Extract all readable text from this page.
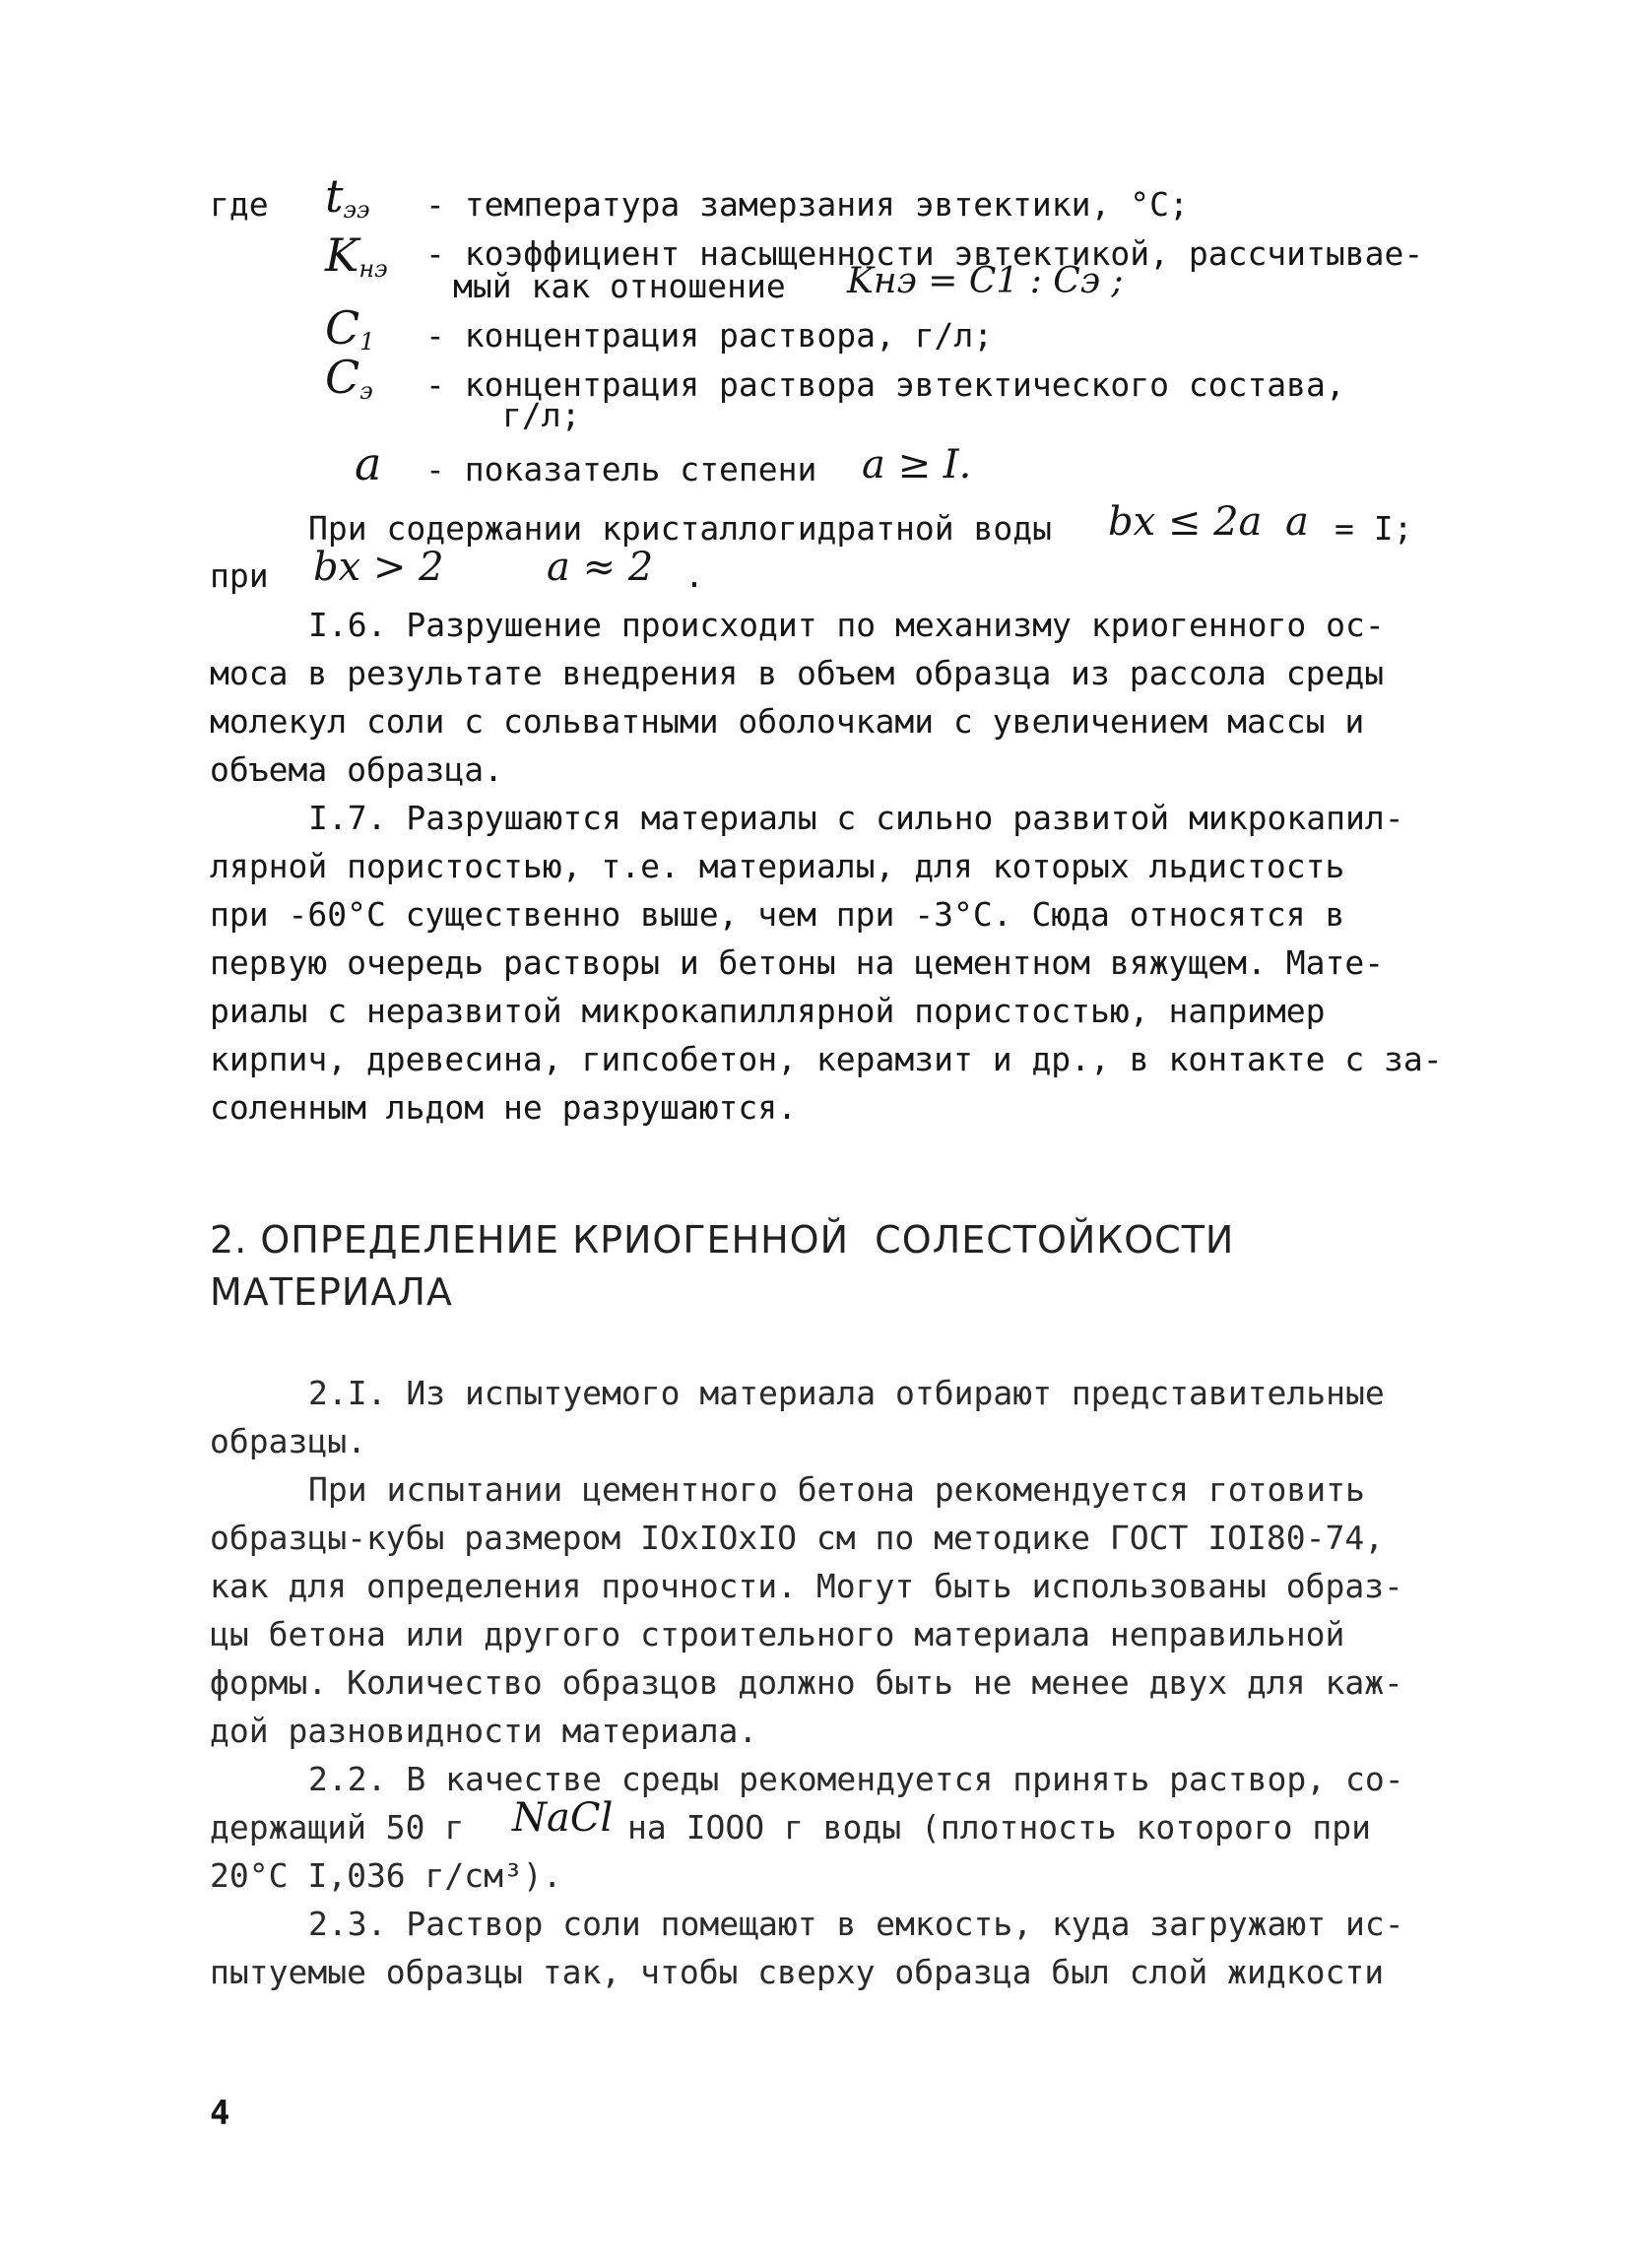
где $t_{ээ}$ - температура замерзания эвтектики, °С;
$K_{нэ}$ - коэффициент насыщенности эвтектикой, рассчитывае-
мый как отношение Kнэ = C1 : Cэ ;
$C_1$ - концентрация раствора, г/л;
$C_э$ - концентрация раствора эвтектического состава,
г/л;
a - показатель степени a ≥ I.
При содержании кристаллогидратной воды bx ≤ 2a a = I;
при bx > 2	a ≈ 2 .
I.6. Разрушение происходит по механизму криогенного ос-
моса в результате внедрения в объем образца из рассола среды
молекул соли с сольватными оболочками с увеличением массы и
объема образца.
I.7. Разрушаются материалы с сильно развитой микрокапил-
лярной пористостью, т.е. материалы, для которых льдистость
при -60°С существенно выше, чем при -3°С. Сюда относятся в
первую очередь растворы и бетоны на цементном вяжущем. Мате-
риалы с неразвитой микрокапиллярной пористостью, например
кирпич, древесина, гипсобетон, керамзит и др., в контакте с за-
соленным льдом не разрушаются.
2. ОПРЕДЕЛЕНИЕ КРИОГЕННОЙ  СОЛЕСТОЙКОСТИ
МАТЕРИАЛА
2.I. Из испытуемого материала отбирают представительные
образцы.
При испытании цементного бетона рекомендуется готовить
образцы-кубы размером IOxIOxIO см по методике ГОСТ IOI80-74,
как для определения прочности. Могут быть использованы образ-
цы бетона или другого строительного материала неправильной
формы. Количество образцов должно быть не менее двух для каж-
дой разновидности материала.
2.2. В качестве среды рекомендуется принять раствор, со-
держащий 50 г NaCl на IOOO г воды (плотность которого при
20°С I,036 г/см³).
2.3. Раствор соли помещают в емкость, куда загружают ис-
пытуемые образцы так, чтобы сверху образца был слой жидкости
4
